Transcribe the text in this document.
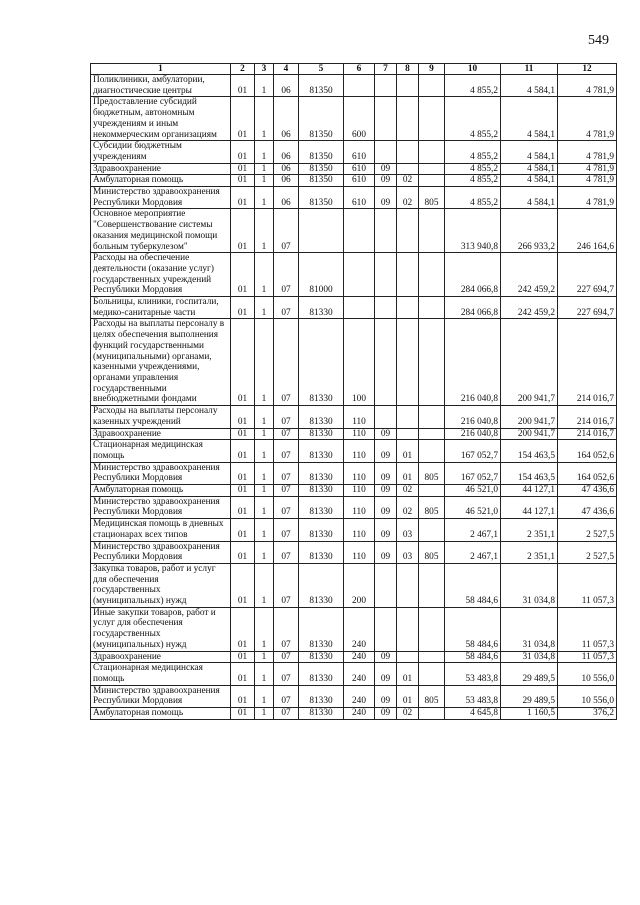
549
1	2	3	4	5	6	7	8	9	10	11	12
Поликлиники, амбулатории, диагностические центры	01	1	06	81350					4 855,2	4 584,1	4 781,9
Предоставление субсидий бюджетным, автономным учреждениям и иным некоммерческим организациям	01	1	06	81350	600				4 855,2	4 584,1	4 781,9
Субсидии бюджетным учреждениям	01	1	06	81350	610				4 855,2	4 584,1	4 781,9
Здравоохранение	01	1	06	81350	610	09			4 855,2	4 584,1	4 781,9
Амбулаторная помощь	01	1	06	81350	610	09	02		4 855,2	4 584,1	4 781,9
Министерство здравоохранения Республики Мордовия	01	1	06	81350	610	09	02	805	4 855,2	4 584,1	4 781,9
Основное мероприятие "Совершенствование системы оказания медицинской помощи больным туберкулезом"	01	1	07						313 940,8	266 933,2	246 164,6
Расходы на обеспечение деятельности (оказание услуг) государственных учреждений Республики Мордовия	01	1	07	81000					284 066,8	242 459,2	227 694,7
Больницы, клиники, госпитали, медико-санитарные части	01	1	07	81330					284 066,8	242 459,2	227 694,7
Расходы на выплаты персоналу в целях обеспечения выполнения функций государственными (муниципальными) органами, казенными учреждениями, органами управления государственными внебюджетными фондами	01	1	07	81330	100				216 040,8	200 941,7	214 016,7
Расходы на выплаты персоналу казенных учреждений	01	1	07	81330	110				216 040,8	200 941,7	214 016,7
Здравоохранение	01	1	07	81330	110	09			216 040,8	200 941,7	214 016,7
Стационарная медицинская помощь	01	1	07	81330	110	09	01		167 052,7	154 463,5	164 052,6
Министерство здравоохранения Республики Мордовия	01	1	07	81330	110	09	01	805	167 052,7	154 463,5	164 052,6
Амбулаторная помощь	01	1	07	81330	110	09	02		46 521,0	44 127,1	47 436,6
Министерство здравоохранения Республики Мордовия	01	1	07	81330	110	09	02	805	46 521,0	44 127,1	47 436,6
Медицинская помощь в дневных стационарах всех типов	01	1	07	81330	110	09	03		2 467,1	2 351,1	2 527,5
Министерство здравоохранения Республики Мордовия	01	1	07	81330	110	09	03	805	2 467,1	2 351,1	2 527,5
Закупка товаров, работ и услуг для обеспечения государственных (муниципальных) нужд	01	1	07	81330	200				58 484,6	31 034,8	11 057,3
Иные закупки товаров, работ и услуг для обеспечения государственных (муниципальных) нужд	01	1	07	81330	240				58 484,6	31 034,8	11 057,3
Здравоохранение	01	1	07	81330	240	09			58 484,6	31 034,8	11 057,3
Стационарная медицинская помощь	01	1	07	81330	240	09	01		53 483,8	29 489,5	10 556,0
Министерство здравоохранения Республики Мордовия	01	1	07	81330	240	09	01	805	53 483,8	29 489,5	10 556,0
Амбулаторная помощь	01	1	07	81330	240	09	02		4 645,8	1 160,5	376,2
